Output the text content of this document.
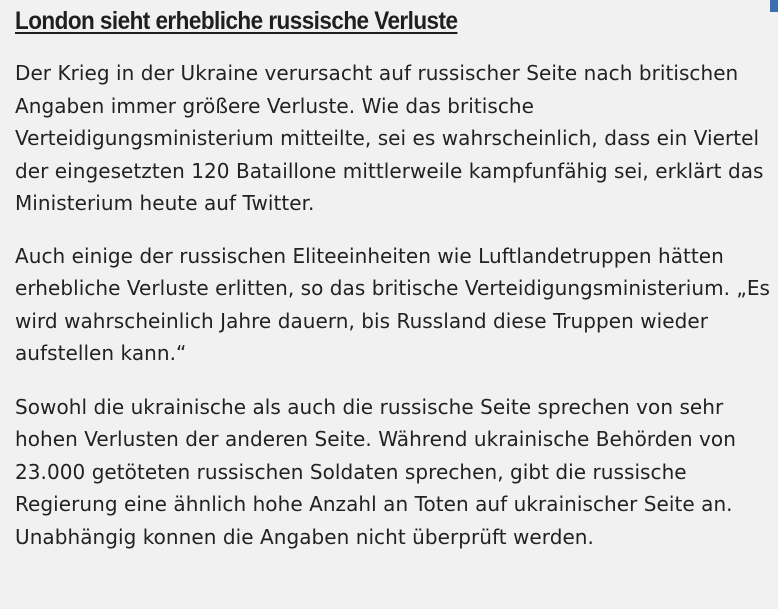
London sieht erhebliche russische Verluste

Der Krieg in der Ukraine verursacht auf russischer Seite nach britischen Angaben immer größere Verluste. Wie das britische Verteidigungsministerium mitteilte, sei es wahrscheinlich, dass ein Viertel der eingesetzten 120 Bataillone mittlerweile kampfunfähig sei, erklärt das Ministerium heute auf Twitter.

Auch einige der russischen Eliteeinheiten wie Luftlandetruppen hätten erhebliche Verluste erlitten, so das britische Verteidigungsministerium. „Es wird wahrscheinlich Jahre dauern, bis Russland diese Truppen wieder aufstellen kann.“

Sowohl die ukrainische als auch die russische Seite sprechen von sehr hohen Verlusten der anderen Seite. Während ukrainische Behörden von 23.000 getöteten russischen Soldaten sprechen, gibt die russische Regierung eine ähnlich hohe Anzahl an Toten auf ukrainischer Seite an. Unabhängig konnen die Angaben nicht überprüft werden.
